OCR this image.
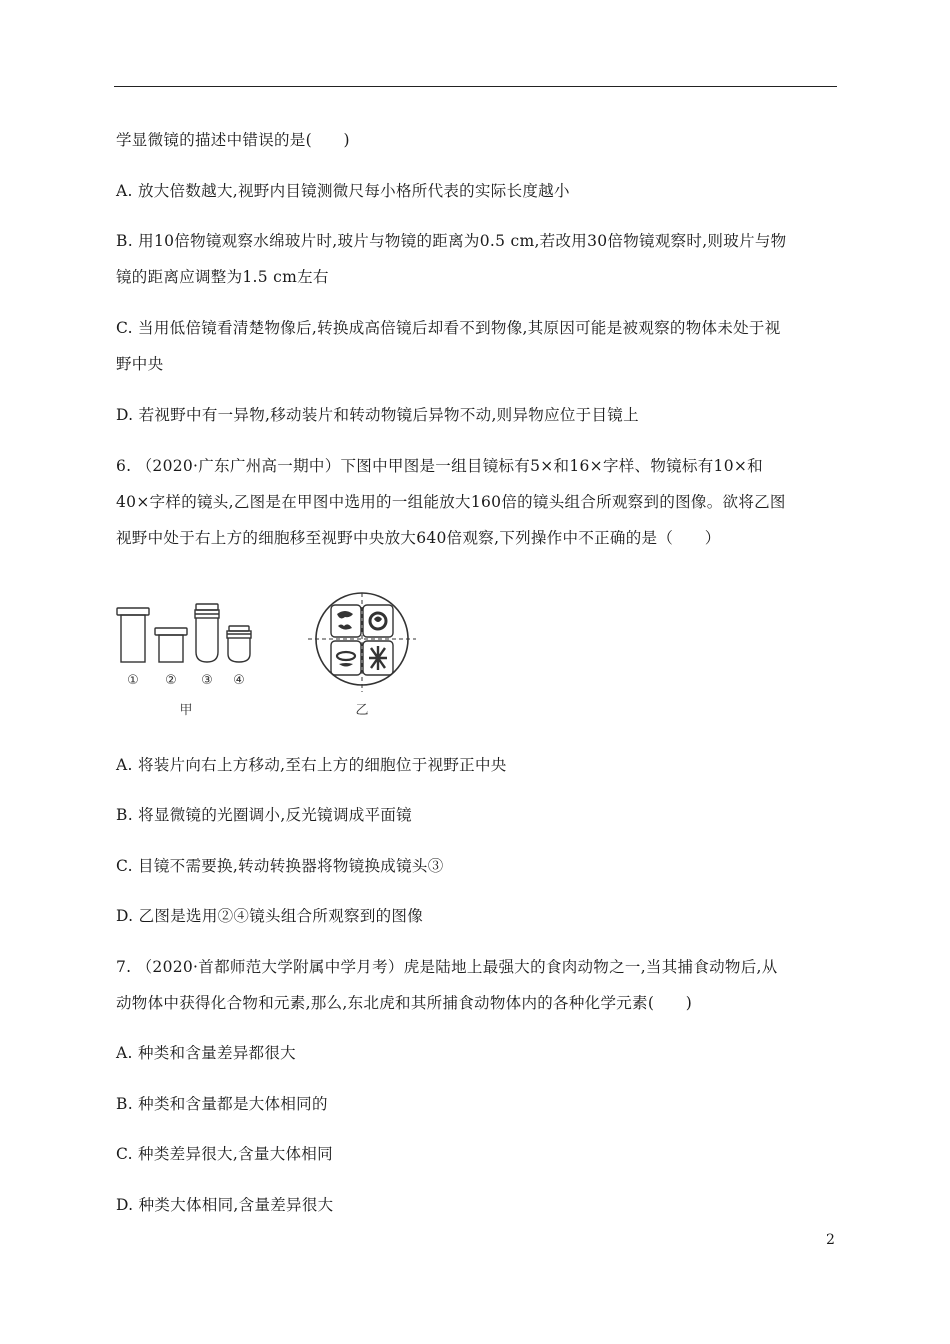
学显微镜的描述中错误的是(　　)
A. 放大倍数越大,视野内目镜测微尺每小格所代表的实际长度越小
B. 用10倍物镜观察水绵玻片时,玻片与物镜的距离为0.5 cm,若改用30倍物镜观察时,则玻片与物
镜的距离应调整为1.5 cm左右
C. 当用低倍镜看清楚物像后,转换成高倍镜后却看不到物像,其原因可能是被观察的物体未处于视
野中央
D. 若视野中有一异物,移动装片和转动物镜后异物不动,则异物应位于目镜上
6. （2020·广东广州高一期中）下图中甲图是一组目镜标有5×和16×字样、物镜标有10×和
40×字样的镜头,乙图是在甲图中选用的一组能放大160倍的镜头组合所观察到的图像。欲将乙图
视野中处于右上方的细胞移至视野中央放大640倍观察,下列操作中不正确的是（　　）
① ② ③ ④
甲	乙
A. 将装片向右上方移动,至右上方的细胞位于视野正中央
B. 将显微镜的光圈调小,反光镜调成平面镜
C. 目镜不需要换,转动转换器将物镜换成镜头③
D. 乙图是选用②④镜头组合所观察到的图像
7. （2020·首都师范大学附属中学月考）虎是陆地上最强大的食肉动物之一,当其捕食动物后,从
动物体中获得化合物和元素,那么,东北虎和其所捕食动物体内的各种化学元素(　　)
A. 种类和含量差异都很大
B. 种类和含量都是大体相同的
C. 种类差异很大,含量大体相同
D. 种类大体相同,含量差异很大
2
